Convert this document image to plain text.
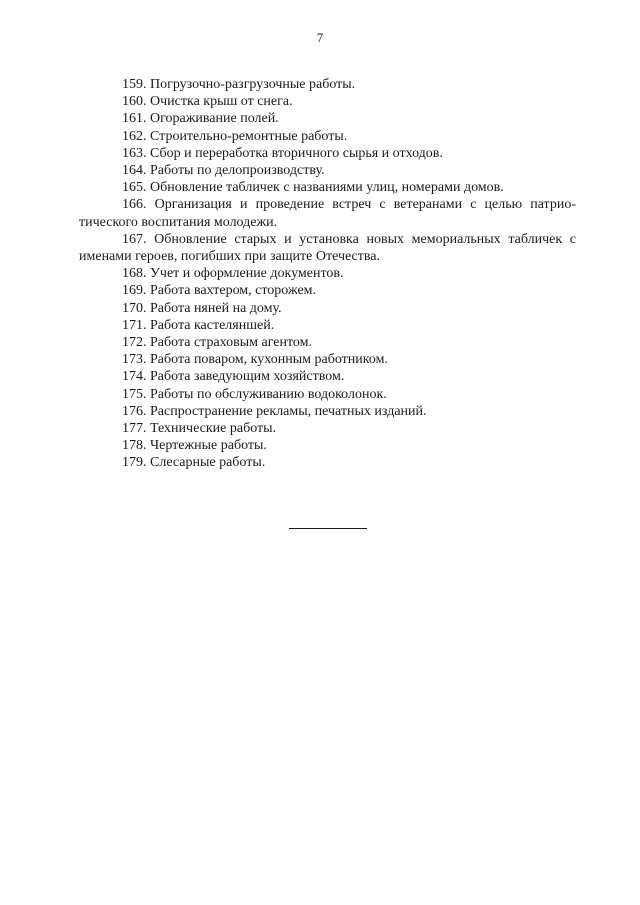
7
159. Погрузочно-разгрузочные работы.
160. Очистка крыш от снега.
161. Огораживание полей.
162. Строительно-ремонтные работы.
163. Сбор и переработка вторичного сырья и отходов.
164. Работы по делопроизводству.
165. Обновление табличек с названиями улиц, номерами домов.
166. Организация и проведение встреч с ветеранами с целью патрио-тического воспитания молодежи.
167. Обновление старых и установка новых мемориальных табличек с именами героев, погибших при защите Отечества.
168. Учет и оформление документов.
169. Работа вахтером, сторожем.
170. Работа няней на дому.
171. Работа кастеляншей.
172. Работа страховым агентом.
173. Работа поваром, кухонным работником.
174. Работа заведующим хозяйством.
175. Работы по обслуживанию водоколонок.
176. Распространение рекламы, печатных изданий.
177. Технические работы.
178. Чертежные работы.
179. Слесарные работы.
